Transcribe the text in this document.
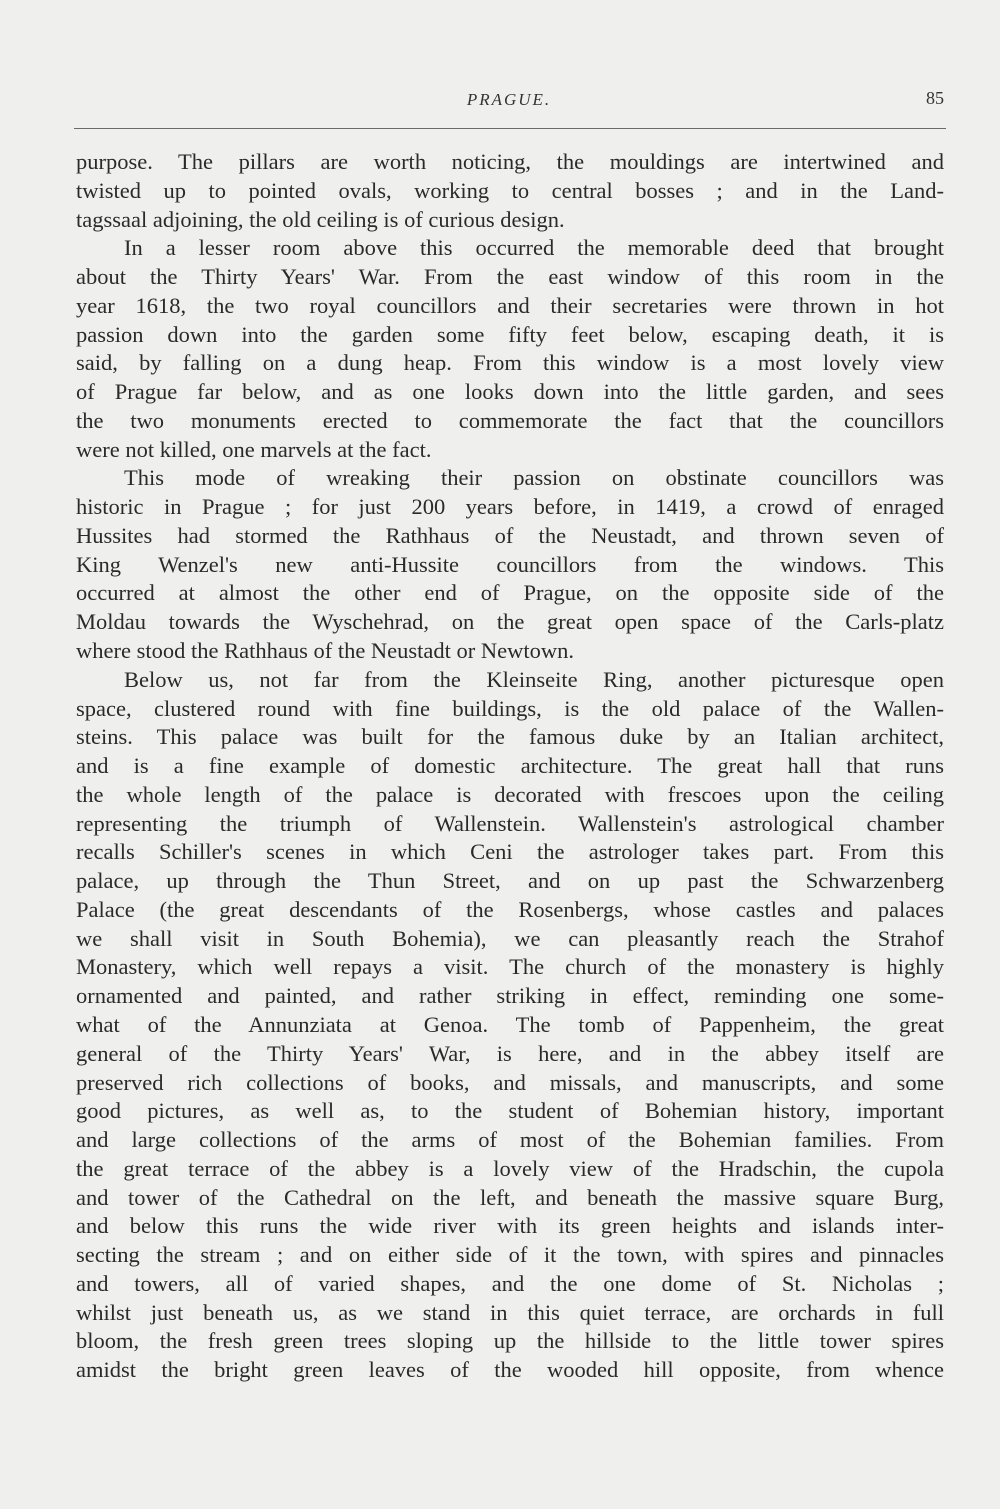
PRAGUE.	85
purpose. The pillars are worth noticing, the mouldings are intertwined and
twisted up to pointed ovals, working to central bosses ; and in the Land-
tagssaal adjoining, the old ceiling is of curious design.
In a lesser room above this occurred the memorable deed that brought
about the Thirty Years' War. From the east window of this room in the
year 1618, the two royal councillors and their secretaries were thrown in hot
passion down into the garden some fifty feet below, escaping death, it is
said, by falling on a dung heap. From this window is a most lovely view
of Prague far below, and as one looks down into the little garden, and sees
the two monuments erected to commemorate the fact that the councillors
were not killed, one marvels at the fact.
This mode of wreaking their passion on obstinate councillors was
historic in Prague ; for just 200 years before, in 1419, a crowd of enraged
Hussites had stormed the Rathhaus of the Neustadt, and thrown seven of
King Wenzel's new anti-Hussite councillors from the windows. This
occurred at almost the other end of Prague, on the opposite side of the
Moldau towards the Wyschehrad, on the great open space of the Carls-platz
where stood the Rathhaus of the Neustadt or Newtown.
Below us, not far from the Kleinseite Ring, another picturesque open
space, clustered round with fine buildings, is the old palace of the Wallen-
steins. This palace was built for the famous duke by an Italian architect,
and is a fine example of domestic architecture. The great hall that runs
the whole length of the palace is decorated with frescoes upon the ceiling
representing the triumph of Wallenstein. Wallenstein's astrological chamber
recalls Schiller's scenes in which Ceni the astrologer takes part. From this
palace, up through the Thun Street, and on up past the Schwarzenberg
Palace (the great descendants of the Rosenbergs, whose castles and palaces
we shall visit in South Bohemia), we can pleasantly reach the Strahof
Monastery, which well repays a visit. The church of the monastery is highly
ornamented and painted, and rather striking in effect, reminding one some-
what of the Annunziata at Genoa. The tomb of Pappenheim, the great
general of the Thirty Years' War, is here, and in the abbey itself are
preserved rich collections of books, and missals, and manuscripts, and some
good pictures, as well as, to the student of Bohemian history, important
and large collections of the arms of most of the Bohemian families. From
the great terrace of the abbey is a lovely view of the Hradschin, the cupola
and tower of the Cathedral on the left, and beneath the massive square Burg,
and below this runs the wide river with its green heights and islands inter-
secting the stream ; and on either side of it the town, with spires and pinnacles
and towers, all of varied shapes, and the one dome of St. Nicholas ;
whilst just beneath us, as we stand in this quiet terrace, are orchards in full
bloom, the fresh green trees sloping up the hillside to the little tower spires
amidst the bright green leaves of the wooded hill opposite, from whence
